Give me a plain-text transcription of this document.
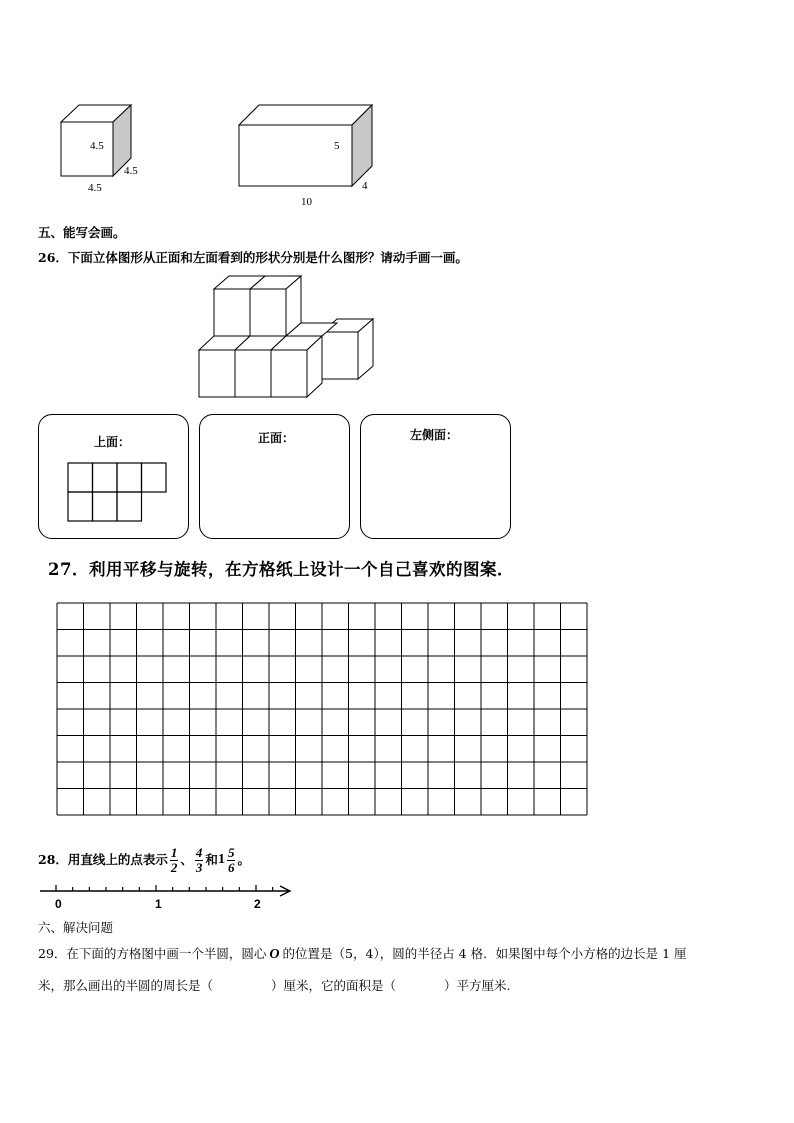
4.5
4.5
4.5
5
4
10
五、能写会画。
26．下面立体图形从正面和左面看到的形状分别是什么图形？请动手画一画。
上面：	正面：	左侧面：
27．利用平移与旋转，在方格纸上设计一个自己喜欢的图案．
28．用直线上的点表示 $\frac{1}{2}$ 、 $\frac{4}{3}$ 和 $1 \frac{5}{6}$ 。
0	1	2
六、解决问题
29．在下面的方格图中画一个半圆，圆心 O 的位置是（5，4），圆的半径占 4 格．如果图中每个小方格的边长是 1 厘
米，那么画出的半圆的周长是（	）厘米，它的面积是（	）平方厘米.
